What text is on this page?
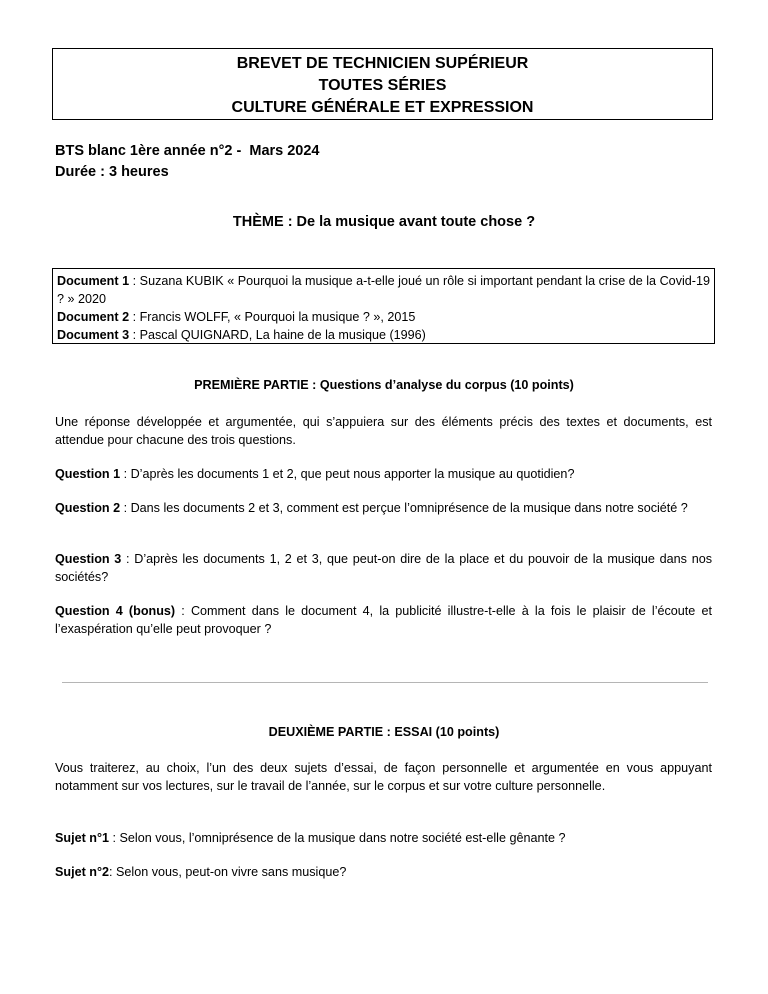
BREVET DE TECHNICIEN SUPÉRIEUR
TOUTES SÉRIES
CULTURE GÉNÉRALE ET EXPRESSION
BTS blanc 1ère année n°2 -  Mars 2024
Durée : 3 heures
THÈME : De la musique avant toute chose ?
Document 1 : Suzana KUBIK « Pourquoi la musique a-t-elle joué un rôle si important pendant la crise de la Covid-19 ? » 2020
Document 2 : Francis WOLFF, « Pourquoi la musique ? », 2015
Document 3 : Pascal QUIGNARD, La haine de la musique (1996)
PREMIÈRE PARTIE : Questions d’analyse du corpus (10 points)
Une réponse développée et argumentée, qui s’appuiera sur des éléments précis des textes et documents, est attendue pour chacune des trois questions.
Question 1 : D’après les documents 1 et 2, que peut nous apporter la musique au quotidien?
Question 2 : Dans les documents 2 et 3, comment est perçue l’omniprésence de la musique dans notre société ?
Question 3 : D’après les documents 1, 2 et 3, que peut-on dire de la place et du pouvoir de la musique dans nos sociétés?
Question 4 (bonus) : Comment dans le document 4, la publicité illustre-t-elle à la fois le plaisir de l’écoute et l’exaspération qu’elle peut provoquer ?
DEUXIÈME PARTIE : ESSAI (10 points)
Vous traiterez, au choix, l’un des deux sujets d’essai, de façon personnelle et argumentée en vous appuyant notamment sur vos lectures, sur le travail de l’année, sur le corpus et sur votre culture personnelle.
Sujet n°1 : Selon vous, l’omniprésence de la musique dans notre société est-elle gênante ?
Sujet n°2: Selon vous, peut-on vivre sans musique?
